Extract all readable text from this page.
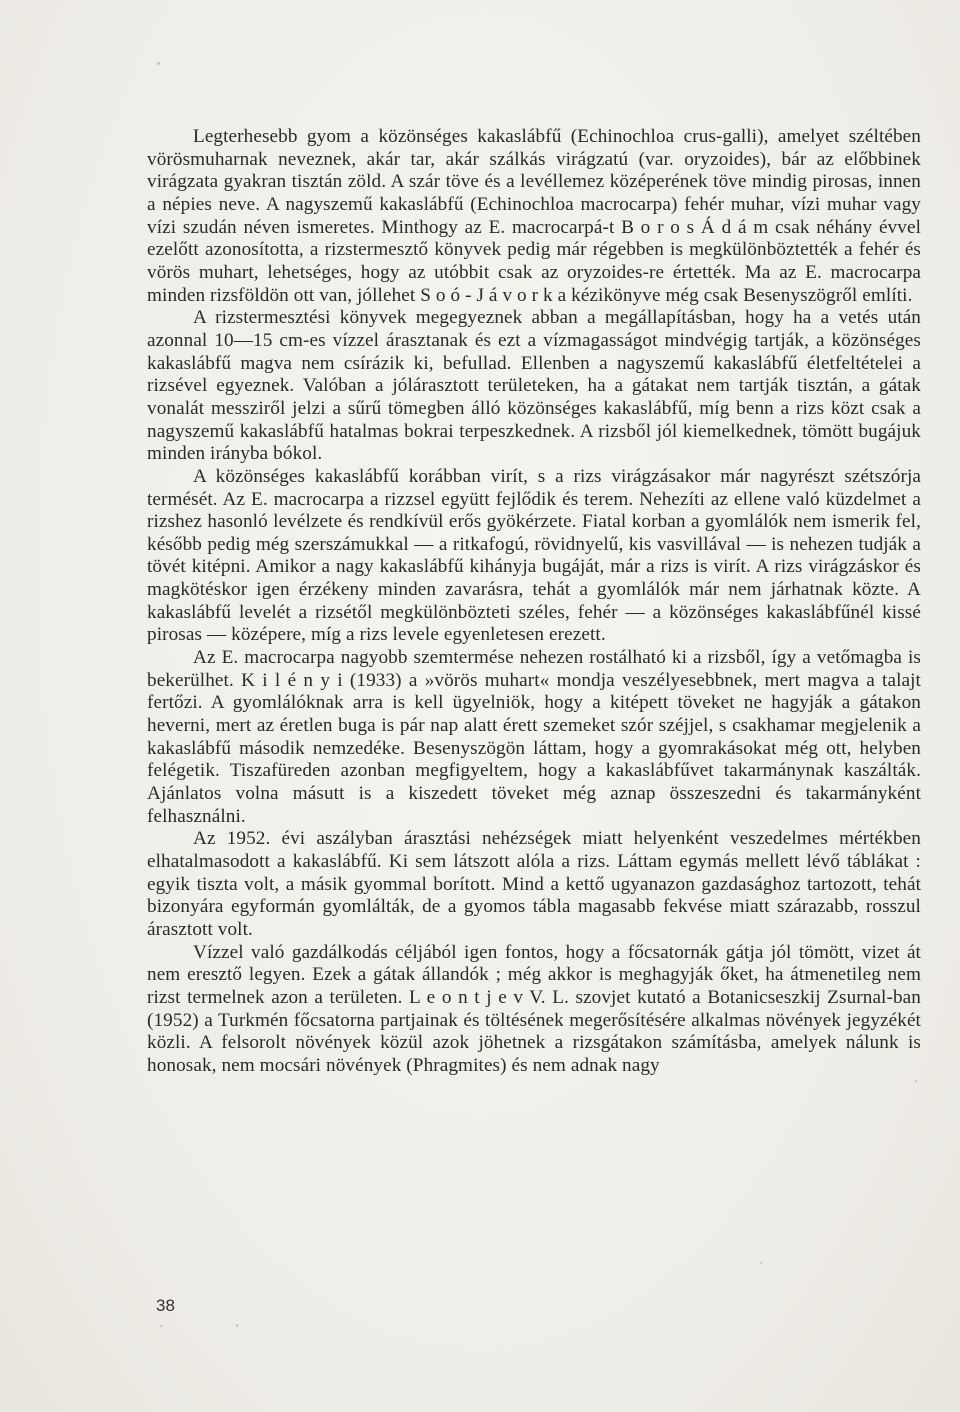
Legterhesebb gyom a közönséges kakaslábfű (Echinochloa crus-galli), amelyet széltében vörösmuharnak neveznek, akár tar, akár szálkás virágzatú (var. oryzoides), bár az előbbinek virágzata gyakran tisztán zöld. A szár töve és a levéllemez középerének töve mindig pirosas, innen a népies neve. A nagyszemű kakaslábfű (Echinochloa macrocarpa) fehér muhar, vízi muhar vagy vízi szudán néven ismeretes. Minthogy az E. macrocarpá-t B o r o s Á d á m csak néhány évvel ezelőtt azonosította, a rizstermesztő könyvek pedig már régebben is megkülönböztették a fehér és vörös muhart, lehetséges, hogy az utóbbit csak az oryzoides-re értették. Ma az E. macrocarpa minden rizsföldön ott van, jóllehet S o ó - J á v o r k a kézikönyve még csak Besenyszögről említi.

A rizstermesztési könyvek megegyeznek abban a megállapításban, hogy ha a vetés után azonnal 10—15 cm-es vízzel árasztanak és ezt a vízmagasságot mindvégig tartják, a közönséges kakaslábfű magva nem csírázik ki, befullad. Ellenben a nagyszemű kakaslábfű életfeltételei a rizsével egyeznek. Valóban a jólárasztott területeken, ha a gátakat nem tartják tisztán, a gátak vonalát messziről jelzi a sűrű tömegben álló közönséges kakaslábfű, míg benn a rizs közt csak a nagyszemű kakaslábfű hatalmas bokrai terpeszkednek. A rizsből jól kiemelkednek, tömött bugájuk minden irányba bókol.

A közönséges kakaslábfű korábban virít, s a rizs virágzásakor már nagyrészt szétszórja termését. Az E. macrocarpa a rizzsel együtt fejlődik és terem. Nehezíti az ellene való küzdelmet a rizshez hasonló levélzete és rendkívül erős gyökérzete. Fiatal korban a gyomlálók nem ismerik fel, később pedig még szerszámukkal — a ritkafogú, rövidnyelű, kis vasvillával — is nehezen tudják a tövét kitépni. Amikor a nagy kakaslábfű kihányja bugáját, már a rizs is virít. A rizs virágzáskor és magkötéskor igen érzékeny minden zavarásra, tehát a gyomlálók már nem járhatnak közte. A kakaslábfű levelét a rizsétől megkülönbözteti széles, fehér — a közönséges kakaslábfűnél kissé pirosas — középere, míg a rizs levele egyenletesen erezett.

Az E. macrocarpa nagyobb szemtermése nehezen rostálható ki a rizsből, így a vetőmagba is bekerülhet. K i l é n y i (1933) a »vörös muhart« mondja veszélyesebbnek, mert magva a talajt fertőzi. A gyomlálóknak arra is kell ügyelniök, hogy a kitépett töveket ne hagyják a gátakon heverni, mert az éretlen buga is pár nap alatt érett szemeket szór széjjel, s csakhamar megjelenik a kakaslábfű második nemzedéke. Besenyszögön láttam, hogy a gyomrakásokat még ott, helyben felégetik. Tiszafüreden azonban megfigyeltem, hogy a kakaslábfűvet takarmánynak kaszálták. Ajánlatos volna másutt is a kiszedett töveket még aznap összeszedni és takarmányként felhasználni.

Az 1952. évi aszályban árasztási nehézségek miatt helyenként veszedelmes mértékben elhatalmasodott a kakaslábfű. Ki sem látszott alóla a rizs. Láttam egymás mellett lévő táblákat : egyik tiszta volt, a másik gyommal borított. Mind a kettő ugyanazon gazdasághoz tartozott, tehát bizonyára egyformán gyomlálták, de a gyomos tábla magasabb fekvése miatt szárazabb, rosszul árasztott volt.

Vízzel való gazdálkodás céljából igen fontos, hogy a főcsatornák gátja jól tömött, vizet át nem eresztő legyen. Ezek a gátak állandók ; még akkor is meghagyják őket, ha átmenetileg nem rizst termelnek azon a területen. L e o n t j e v V. L. szovjet kutató a Botanicseszkij Zsurnal-ban (1952) a Turkmén főcsatorna partjainak és töltésének megerősítésére alkalmas növények jegyzékét közli. A felsorolt növények közül azok jöhetnek a rizsgátakon számításba, amelyek nálunk is honosak, nem mocsári növények (Phragmites) és nem adnak nagy

38
